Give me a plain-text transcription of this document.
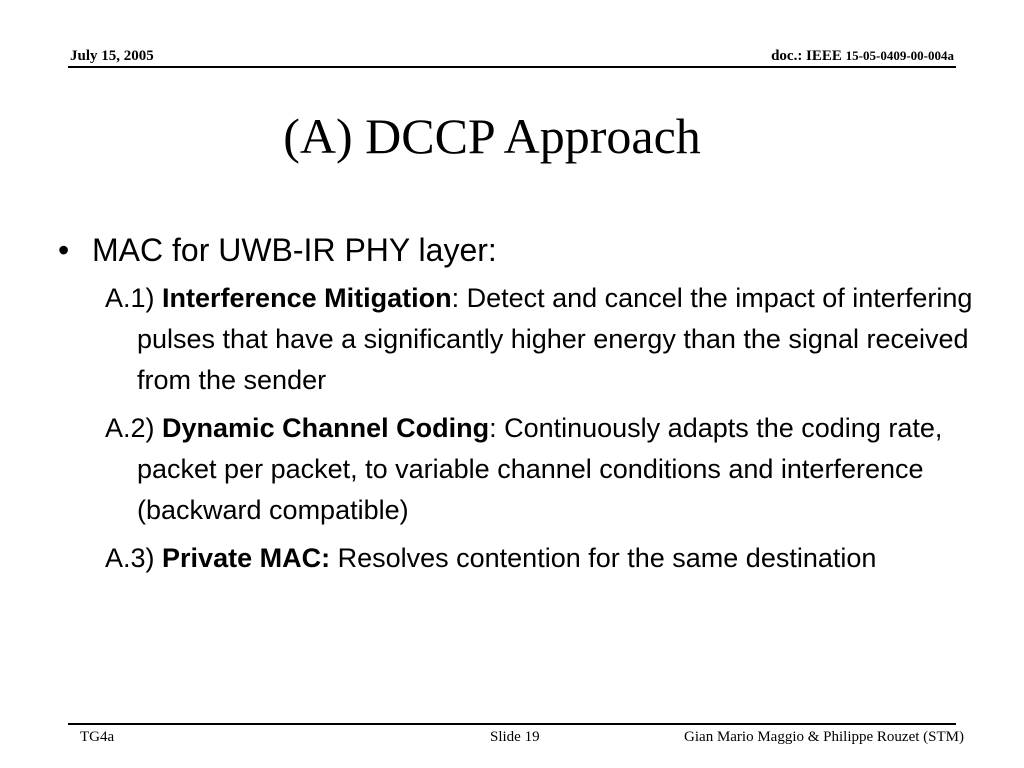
July 15, 2005	doc.: IEEE 15-05-0409-00-004a
(A) DCCP Approach
• MAC for UWB-IR PHY layer:
A.1) Interference Mitigation: Detect and cancel the impact of interfering pulses that have a significantly higher energy than the signal received from the sender
A.2) Dynamic Channel Coding: Continuously adapts the coding rate, packet per packet, to variable channel conditions and interference (backward compatible)
A.3) Private MAC: Resolves contention for the same destination
TG4a	Slide 19	Gian Mario Maggio & Philippe Rouzet (STM)
